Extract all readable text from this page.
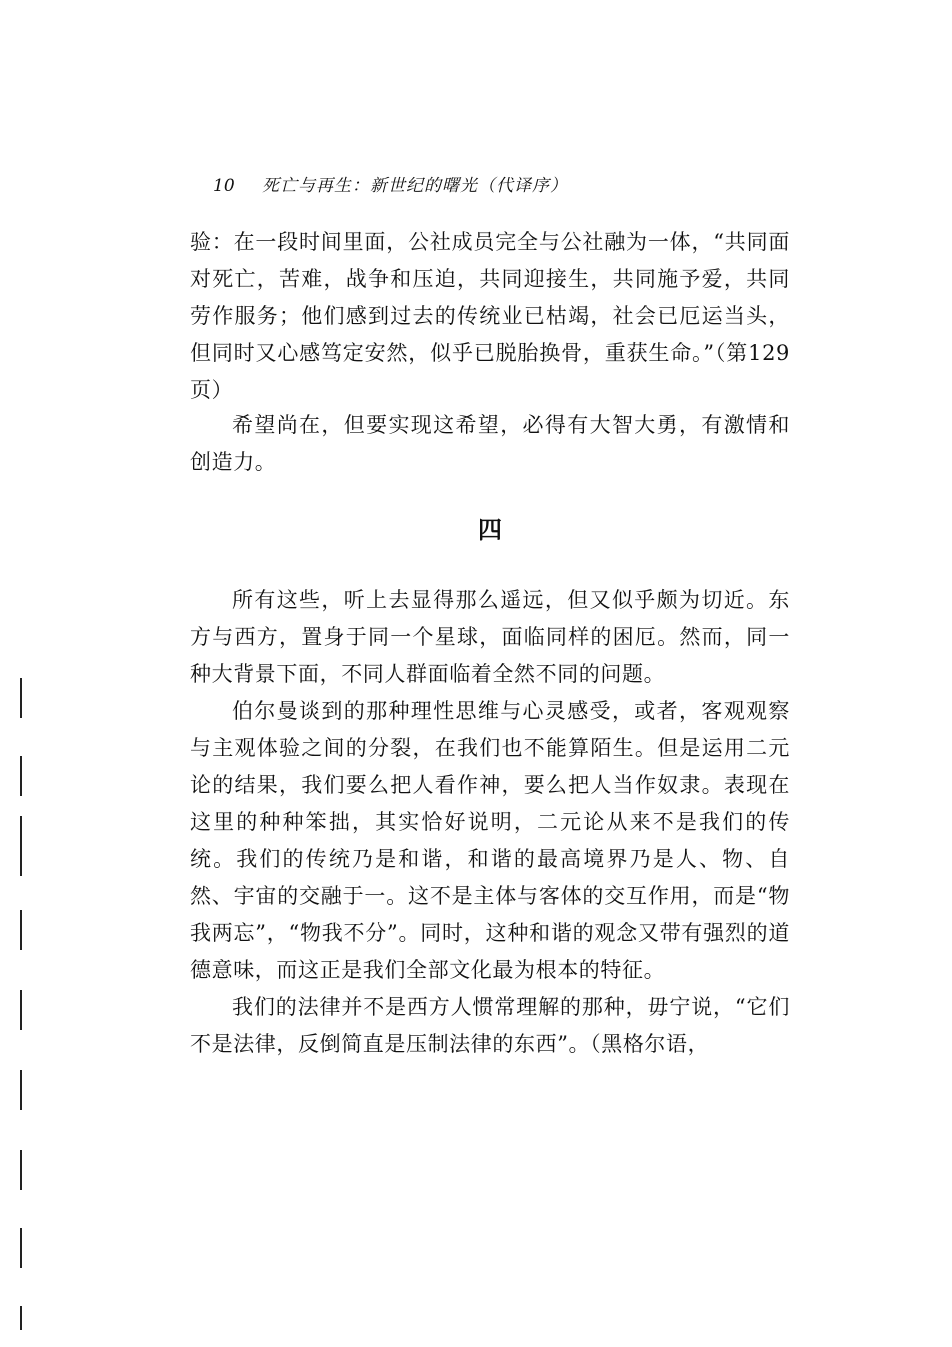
10 死亡与再生：新世纪的曙光（代译序）

验：在一段时间里面，公社成员完全与公社融为一体，“共同面对死亡，苦难，战争和压迫，共同迎接生，共同施予爱，共同劳作服务；他们感到过去的传统业已枯竭，社会已厄运当头，但同时又心感笃定安然，似乎已脱胎换骨，重获生命。”（第129页）

希望尚在，但要实现这希望，必得有大智大勇，有激情和创造力。

四

所有这些，听上去显得那么遥远，但又似乎颇为切近。东方与西方，置身于同一个星球，面临同样的困厄。然而，同一种大背景下面，不同人群面临着全然不同的问题。

伯尔曼谈到的那种理性思维与心灵感受，或者，客观观察与主观体验之间的分裂，在我们也不能算陌生。但是运用二元论的结果，我们要么把人看作神，要么把人当作奴隶。表现在这里的种种笨拙，其实恰好说明，二元论从来不是我们的传统。我们的传统乃是和谐，和谐的最高境界乃是人、物、自然、宇宙的交融于一。这不是主体与客体的交互作用，而是“物我两忘”，“物我不分”。同时，这种和谐的观念又带有强烈的道德意味，而这正是我们全部文化最为根本的特征。

我们的法律并不是西方人惯常理解的那种，毋宁说，“它们不是法律，反倒简直是压制法律的东西”。（黑格尔语，
